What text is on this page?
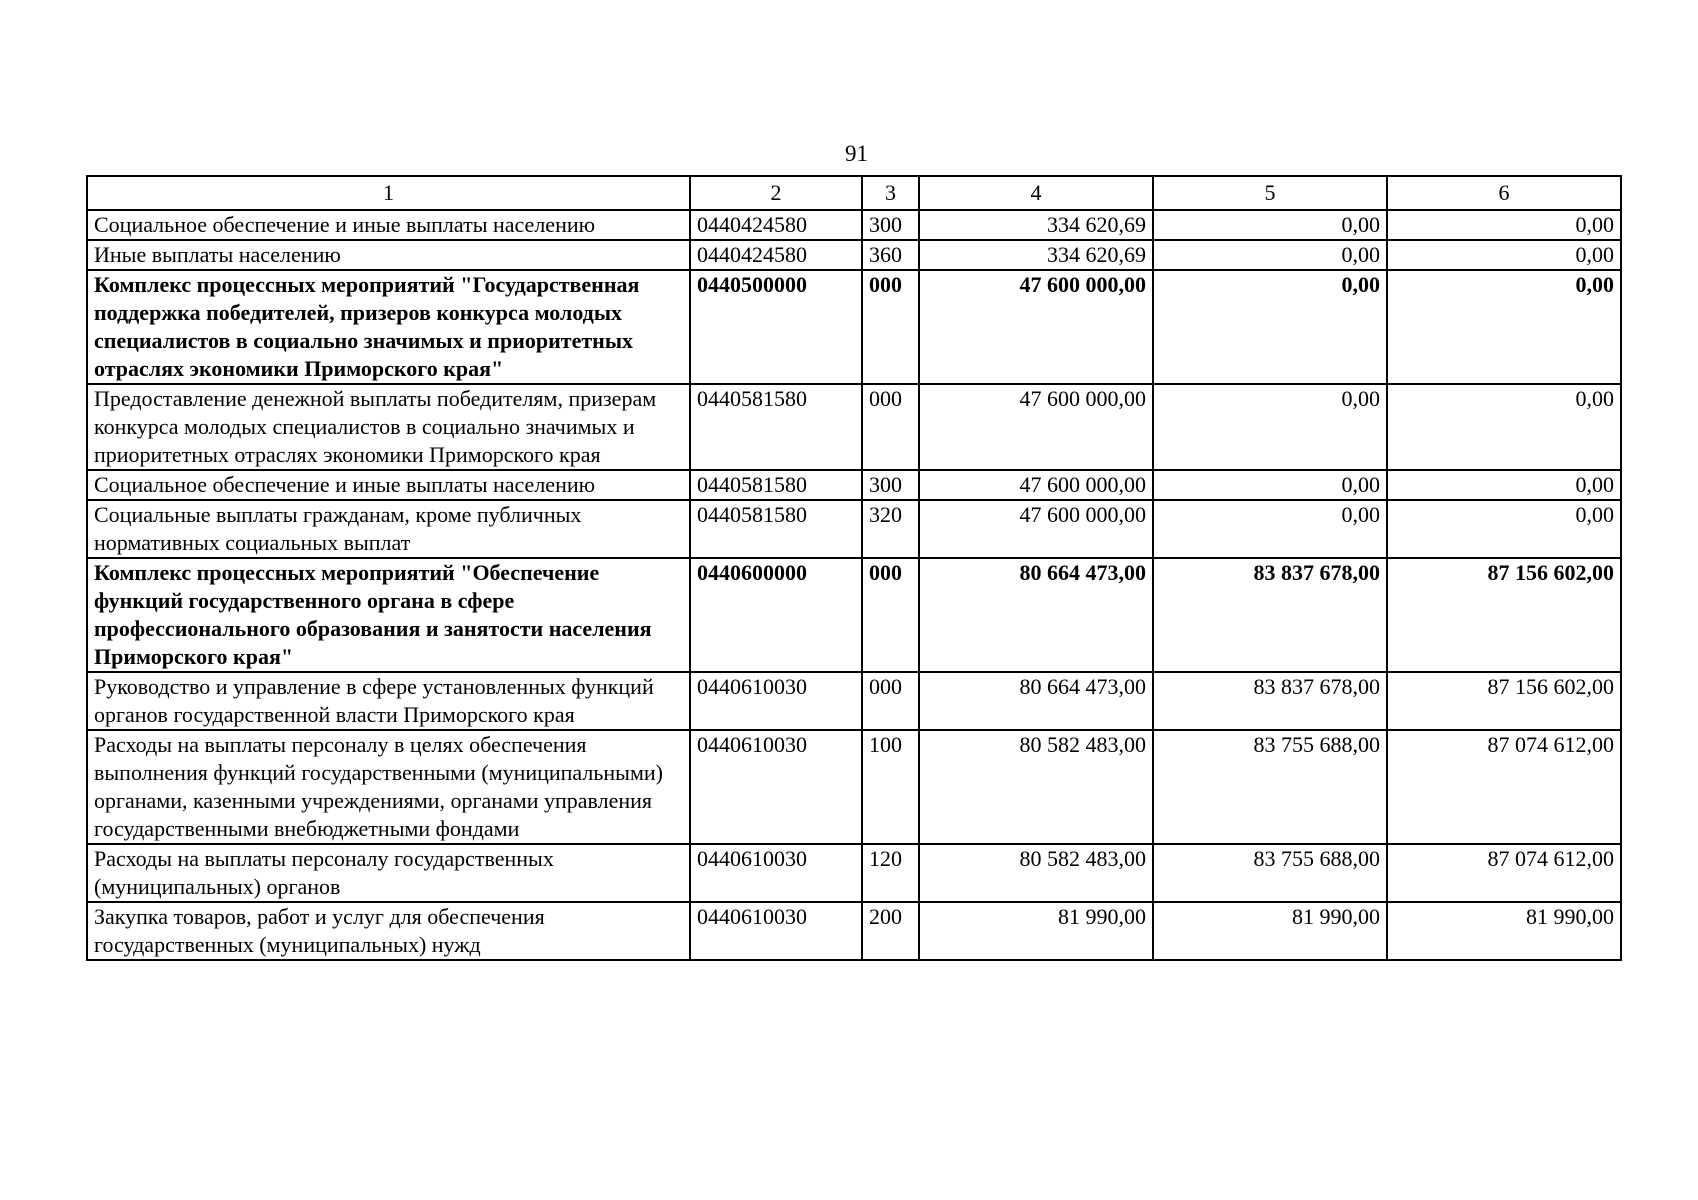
91
1	2	3	4	5	6
Социальное обеспечение и иные выплаты населению	0440424580	300	334 620,69	0,00	0,00
Иные выплаты населению	0440424580	360	334 620,69	0,00	0,00
Комплекс процессных мероприятий "Государственная поддержка победителей, призеров конкурса молодых специалистов в социально значимых и приоритетных отраслях экономики Приморского края"	0440500000	000	47 600 000,00	0,00	0,00
Предоставление денежной выплаты победителям, призерам конкурса молодых специалистов в социально значимых и приоритетных отраслях экономики Приморского края	0440581580	000	47 600 000,00	0,00	0,00
Социальное обеспечение и иные выплаты населению	0440581580	300	47 600 000,00	0,00	0,00
Социальные выплаты гражданам, кроме публичных нормативных социальных выплат	0440581580	320	47 600 000,00	0,00	0,00
Комплекс процессных мероприятий "Обеспечение функций государственного органа в сфере профессионального образования и занятости населения Приморского края"	0440600000	000	80 664 473,00	83 837 678,00	87 156 602,00
Руководство и управление в сфере установленных функций органов государственной власти Приморского края	0440610030	000	80 664 473,00	83 837 678,00	87 156 602,00
Расходы на выплаты персоналу в целях обеспечения выполнения функций государственными (муниципальными) органами, казенными учреждениями, органами управления государственными внебюджетными фондами	0440610030	100	80 582 483,00	83 755 688,00	87 074 612,00
Расходы на выплаты персоналу государственных (муниципальных) органов	0440610030	120	80 582 483,00	83 755 688,00	87 074 612,00
Закупка товаров, работ и услуг для обеспечения государственных (муниципальных) нужд	0440610030	200	81 990,00	81 990,00	81 990,00
